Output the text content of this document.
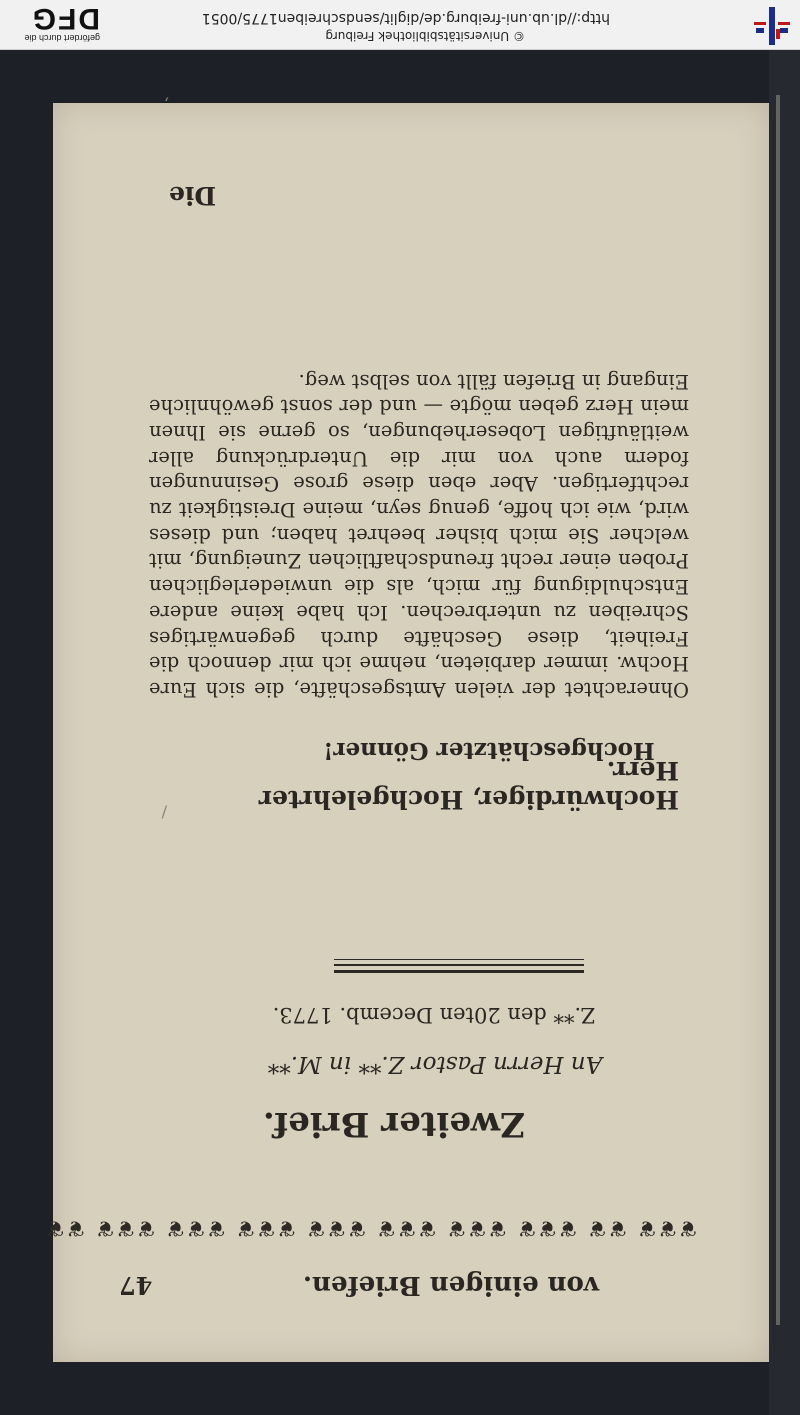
von einigen Briefen.
47
❦❦❦ ❦❦ ❦❦❦ ❦❦❦ ❦❦❦ ❦❦❦ ❦❦❦ ❦❦❦ ❦❦❦ ❦❦
Zweiter Brief.
An Herrn Pastor Z.** in M.**
Z.** den 20ten Decemb. 1773.
Hochwürdiger, Hochgelehrter Herr.
Hochgeschätzter Gönner!

Ohnerachtet der vielen Amtsgeschäfte, die sich Eure Hochw. immer darbieten, nehme ich mir dennoch die Freiheit, diese Geschäfte durch gegenwärtiges Schreiben zu unterbrechen. Ich habe keine andere Entschuldigung für mich, als die unwiederleglichen Proben einer recht freundschaftlichen Zuneigung, mit welcher Sie mich bisher beehret haben; und dieses wird, wie ich hoffe, genug seyn, meine Dreistigkeit zu rechtfertigen. Aber eben diese grose Gesinnungen fodern auch von mir die Unterdrückung aller weitläuftigen Lobeserhebungen, so gerne sie Ihnen mein Herz geben mögte — und der sonst gewöhnliche Eingang in Briefen fällt von selbst weg.

Die
/
,
© Universitätsbibliothek Freiburg
http://dl.ub.uni-freiburg.de/diglit/sendschreiben1775/0051
gefördert durch die
DFG
